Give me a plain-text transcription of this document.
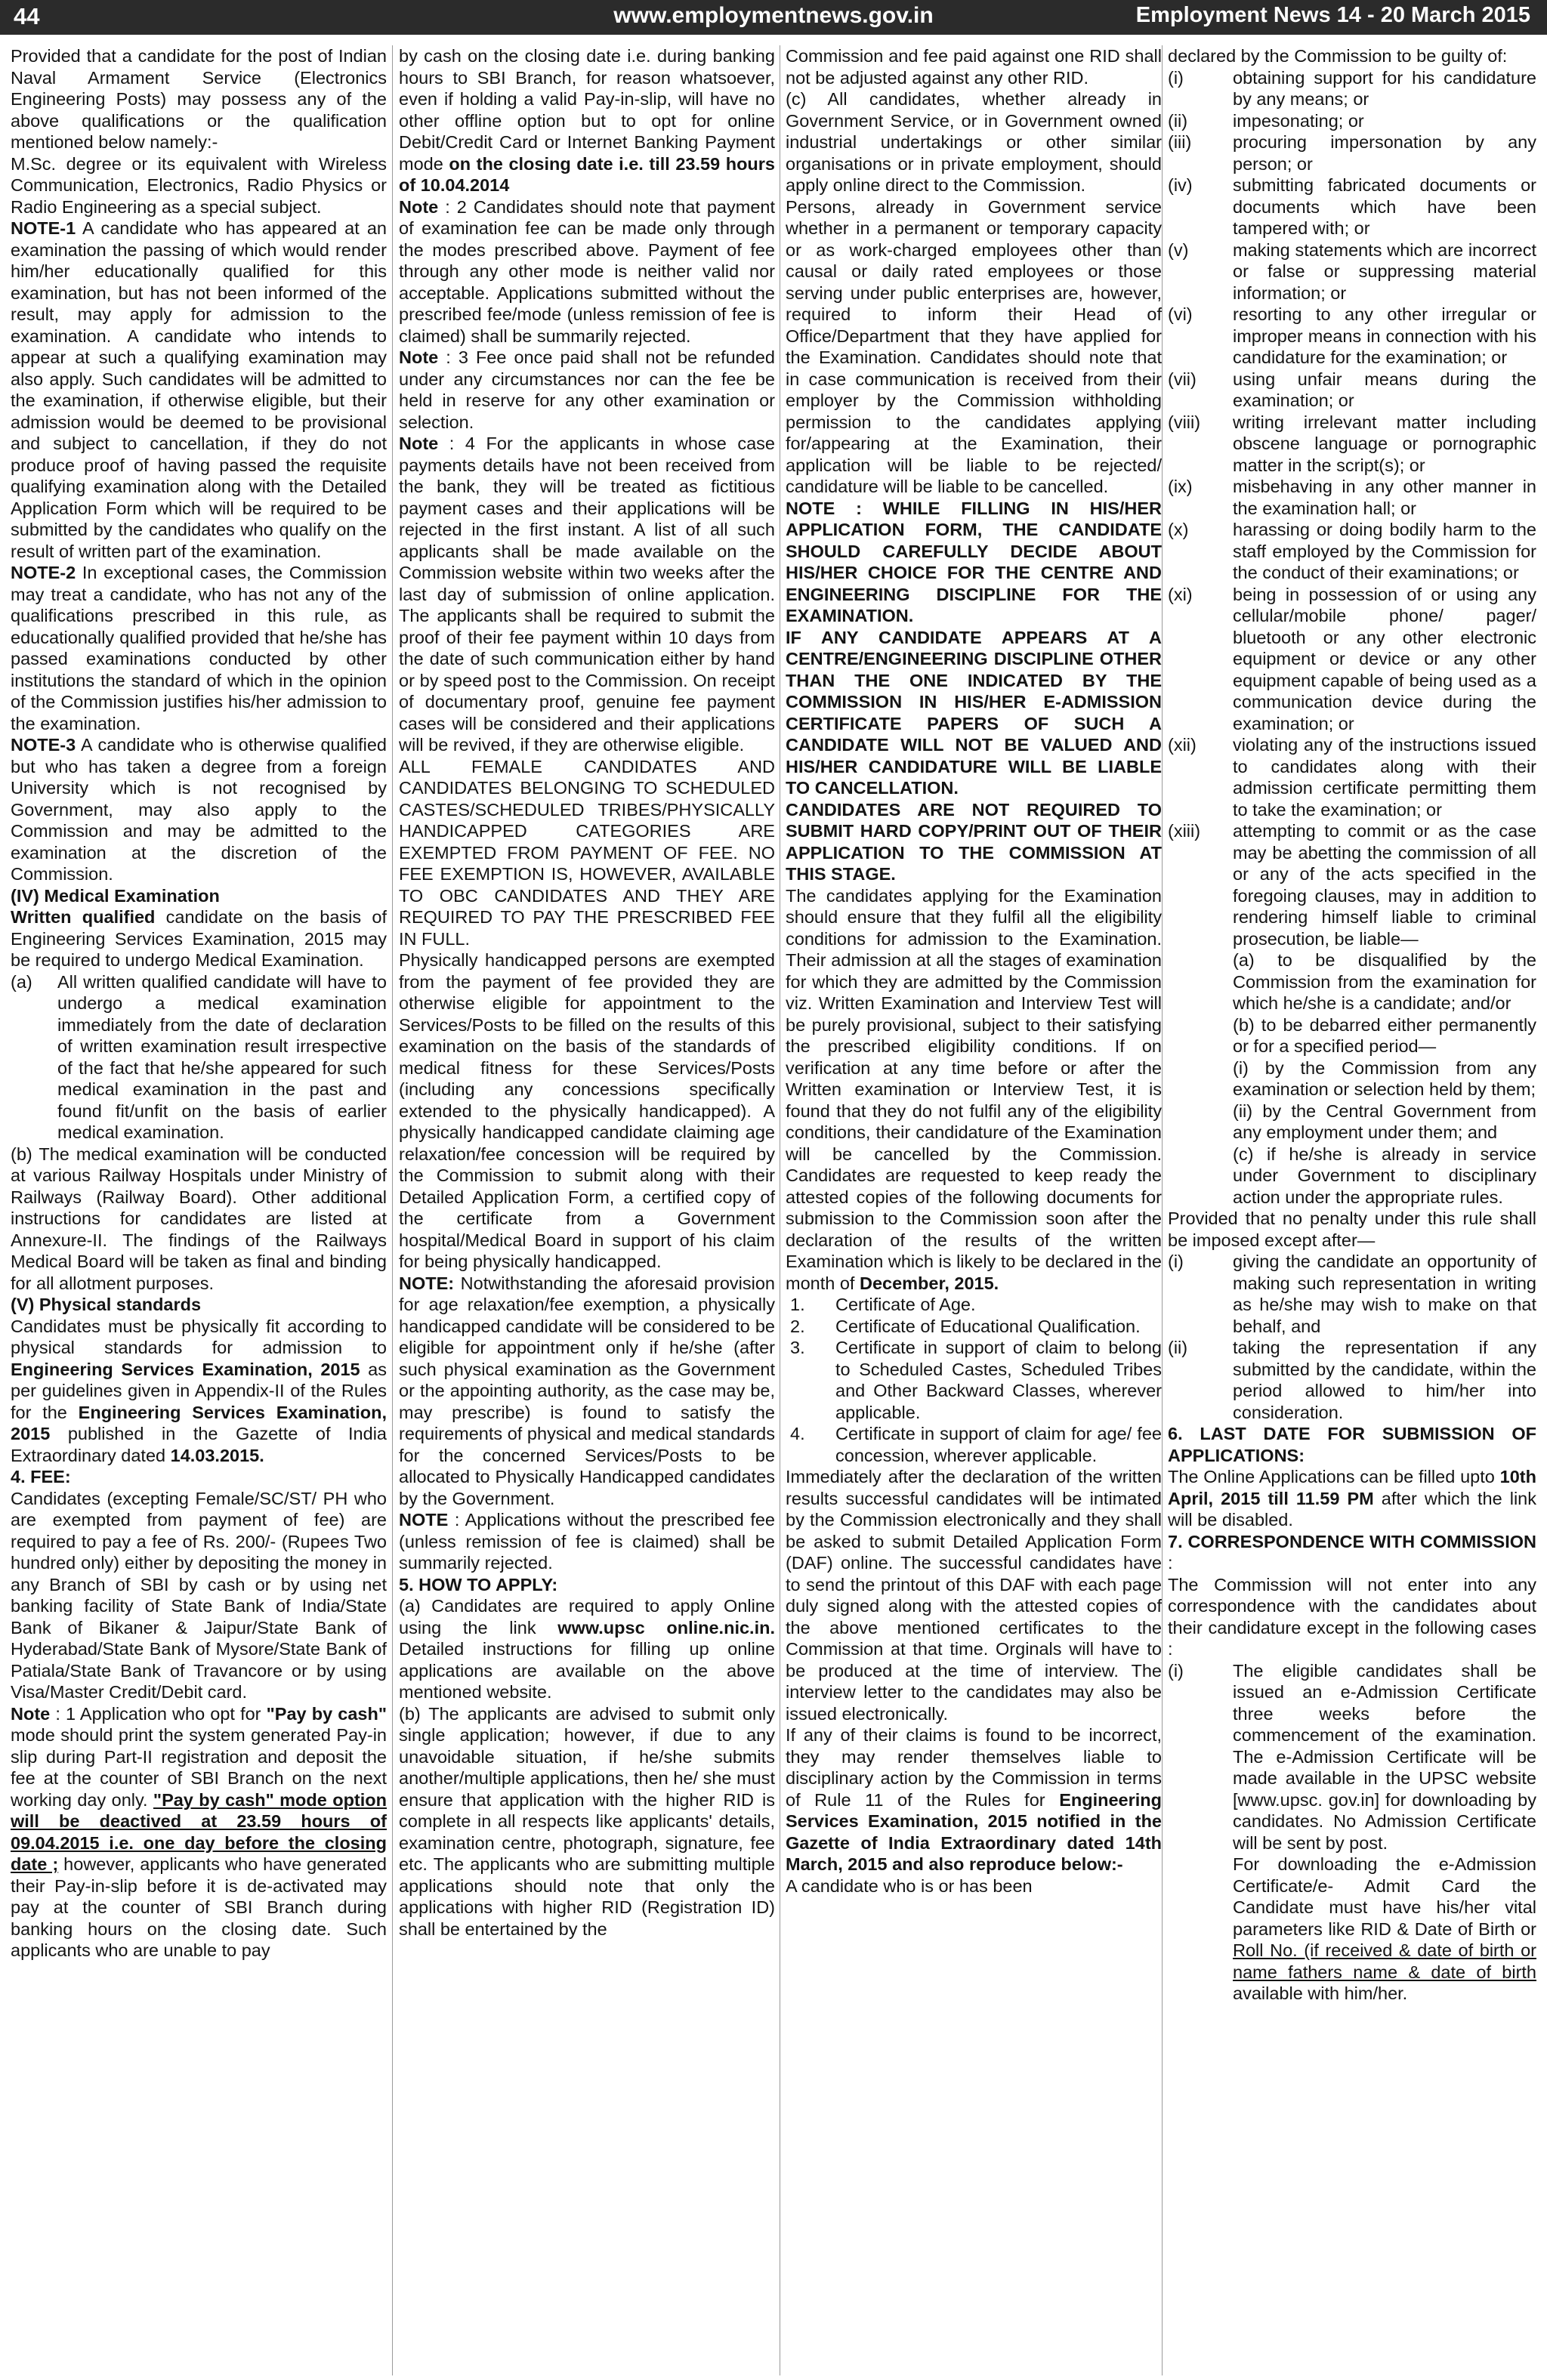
44	www.employmentnews.gov.in	Employment News 14 - 20 March 2015

Provided that a candidate for the post of Indian Naval Armament Service (Electronics Engineering Posts) may possess any of the above qualifications or the qualification mentioned below namely:-

M.Sc. degree or its equivalent with Wireless Communication, Electronics, Radio Physics or Radio Engineering as a special subject.

NOTE-1 A candidate who has appeared at an examination the passing of which would render him/her educationally qualified for this examination, but has not been informed of the result, may apply for admission to the examination. A candidate who intends to appear at such a qualifying examination may also apply. Such candidates will be admitted to the examination, if otherwise eligible, but their admission would be deemed to be provisional and subject to cancellation, if they do not produce proof of having passed the requisite qualifying examination along with the Detailed Application Form which will be required to be submitted by the candidates who qualify on the result of written part of the examination.

NOTE-2 In exceptional cases, the Commission may treat a candidate, who has not any of the qualifications prescribed in this rule, as educationally qualified provided that he/she has passed examinations conducted by other institutions the standard of which in the opinion of the Commission justifies his/her admission to the examination.

NOTE-3 A candidate who is otherwise qualified but who has taken a degree from a foreign University which is not recognised by Government, may also apply to the Commission and may be admitted to the examination at the discretion of the Commission.

(IV) Medical Examination

Written qualified candidate on the basis of Engineering Services Examination, 2015 may be required to undergo Medical Examination.

(a)	All written qualified candidate will have to undergo a medical examination immediately from the date of declaration of written examination result irrespective of the fact that he/she appeared for such medical examination in the past and found fit/unfit on the basis of earlier medical examination.

(b) The medical examination will be conducted at various Railway Hospitals under Ministry of Railways (Railway Board). Other additional instructions for candidates are listed at Annexure-II. The findings of the Railways Medical Board will be taken as final and binding for all allotment purposes.

(V) Physical standards

Candidates must be physically fit according to physical standards for admission to Engineering Services Examination, 2015 as per guidelines given in Appendix-II of the Rules for the Engineering Services Examination, 2015 published in the Gazette of India Extraordinary dated 14.03.2015.

4. FEE:

Candidates (excepting Female/SC/ST/ PH who are exempted from payment of fee) are required to pay a fee of Rs. 200/- (Rupees Two hundred only) either by depositing the money in any Branch of SBI by cash or by using net banking facility of State Bank of India/State Bank of Bikaner & Jaipur/State Bank of Hyderabad/State Bank of Mysore/State Bank of Patiala/State Bank of Travancore or by using Visa/Master Credit/Debit card.

Note : 1 Application who opt for "Pay by cash" mode should print the system generated Pay-in slip during Part-II registration and deposit the fee at the counter of SBI Branch on the next working day only. "Pay by cash" mode option will be deactived at 23.59 hours of 09.04.2015 i.e. one day before the closing date ; however, applicants who have generated their Pay-in-slip before it is de-activated may pay at the counter of SBI Branch during banking hours on the closing date. Such applicants who are unable to pay

by cash on the closing date i.e. during banking hours to SBI Branch, for reason whatsoever, even if holding a valid Pay-in-slip, will have no other offline option but to opt for online Debit/Credit Card or Internet Banking Payment mode on the closing date i.e. till 23.59 hours of 10.04.2014

Note : 2 Candidates should note that payment of examination fee can be made only through the modes prescribed above. Payment of fee through any other mode is neither valid nor acceptable. Applications submitted without the prescribed fee/mode (unless remission of fee is claimed) shall be summarily rejected.

Note : 3 Fee once paid shall not be refunded under any circumstances nor can the fee be held in reserve for any other examination or selection.

Note : 4 For the applicants in whose case payments details have not been received from the bank, they will be treated as fictitious payment cases and their applications will be rejected in the first instant. A list of all such applicants shall be made available on the Commission website within two weeks after the last day of submission of online application. The applicants shall be required to submit the proof of their fee payment within 10 days from the date of such communication either by hand or by speed post to the Commission. On receipt of documentary proof, genuine fee payment cases will be considered and their applications will be revived, if they are otherwise eligible.

ALL FEMALE CANDIDATES AND CANDIDATES BELONGING TO SCHEDULED CASTES/SCHEDULED TRIBES/PHYSICALLY HANDICAPPED CATEGORIES ARE EXEMPTED FROM PAYMENT OF FEE. NO FEE EXEMPTION IS, HOWEVER, AVAILABLE TO OBC CANDIDATES AND THEY ARE REQUIRED TO PAY THE PRESCRIBED FEE IN FULL.

Physically handicapped persons are exempted from the payment of fee provided they are otherwise eligible for appointment to the Services/Posts to be filled on the results of this examination on the basis of the standards of medical fitness for these Services/Posts (including any concessions specifically extended to the physically handicapped). A physically handicapped candidate claiming age relaxation/fee concession will be required by the Commission to submit along with their Detailed Application Form, a certified copy of the certificate from a Government hospital/Medical Board in support of his claim for being physically handicapped.

NOTE: Notwithstanding the aforesaid provision for age relaxation/fee exemption, a physically handicapped candidate will be considered to be eligible for appointment only if he/she (after such physical examination as the Government or the appointing authority, as the case may be, may prescribe) is found to satisfy the requirements of physical and medical standards for the concerned Services/Posts to be allocated to Physically Handicapped candidates by the Government.

NOTE : Applications without the prescribed fee (unless remission of fee is claimed) shall be summarily rejected.

5. HOW TO APPLY:

(a) Candidates are required to apply Online using the link www.upsc online.nic.in. Detailed instructions for filling up online applications are available on the above mentioned website.

(b) The applicants are advised to submit only single application; however, if due to any unavoidable situation, if he/she submits another/multiple applications, then he/ she must ensure that application with the higher RID is complete in all respects like applicants' details, examination centre, photograph, signature, fee etc. The applicants who are submitting multiple applications should note that only the applications with higher RID (Registration ID) shall be entertained by the

Commission and fee paid against one RID shall not be adjusted against any other RID.

(c) All candidates, whether already in Government Service, or in Government owned industrial undertakings or other similar organisations or in private employment, should apply online direct to the Commission.

Persons, already in Government service whether in a permanent or temporary capacity or as work-charged employees other than causal or daily rated employees or those serving under public enterprises are, however, required to inform their Head of Office/Department that they have applied for the Examination. Candidates should note that in case communication is received from their employer by the Commission withholding permission to the candidates applying for/appearing at the Examination, their application will be liable to be rejected/ candidature will be liable to be cancelled.

NOTE : WHILE FILLING IN HIS/HER APPLICATION FORM, THE CANDIDATE SHOULD CAREFULLY DECIDE ABOUT HIS/HER CHOICE FOR THE CENTRE AND ENGINEERING DISCIPLINE FOR THE EXAMINATION.

IF ANY CANDIDATE APPEARS AT A CENTRE/ENGINEERING DISCIPLINE OTHER THAN THE ONE INDICATED BY THE COMMISSION IN HIS/HER E-ADMISSION CERTIFICATE PAPERS OF SUCH A CANDIDATE WILL NOT BE VALUED AND HIS/HER CANDIDATURE WILL BE LIABLE TO CANCELLATION.

CANDIDATES ARE NOT REQUIRED TO SUBMIT HARD COPY/PRINT OUT OF THEIR APPLICATION TO THE COMMISSION AT THIS STAGE.

The candidates applying for the Examination should ensure that they fulfil all the eligibility conditions for admission to the Examination. Their admission at all the stages of examination for which they are admitted by the Commission viz. Written Examination and Interview Test will be purely provisional, subject to their satisfying the prescribed eligibility conditions. If on verification at any time before or after the Written examination or Interview Test, it is found that they do not fulfil any of the eligibility conditions, their candidature of the Examination will be cancelled by the Commission. Candidates are requested to keep ready the attested copies of the following documents for submission to the Commission soon after the declaration of the results of the written Examination which is likely to be declared in the month of December, 2015.

1.	Certificate of Age.
2.	Certificate of Educational Qualification.
3.	Certificate in support of claim to belong to Scheduled Castes, Scheduled Tribes and Other Backward Classes, wherever applicable.
4.	Certificate in support of claim for age/ fee concession, wherever applicable.

Immediately after the declaration of the written results successful candidates will be intimated by the Commission electronically and they shall be asked to submit Detailed Application Form (DAF) online. The successful candidates have to send the printout of this DAF with each page duly signed along with the attested copies of the above mentioned certificates to the Commission at that time. Orginals will have to be produced at the time of interview. The interview letter to the candidates may also be issued electronically.

If any of their claims is found to be incorrect, they may render themselves liable to disciplinary action by the Commission in terms of Rule 11 of the Rules for Engineering Services Examination, 2015 notified in the Gazette of India Extraordinary dated 14th March, 2015 and also reproduce below:-

A candidate who is or has been

declared by the Commission to be guilty of:

(i)	obtaining support for his candidature by any means; or
(ii)	impesonating; or
(iii)	procuring impersonation by any person; or
(iv)	submitting fabricated documents or documents which have been tampered with; or
(v)	making statements which are incorrect or false or suppressing material information; or
(vi)	resorting to any other irregular or improper means in connection with his candidature for the examination; or
(vii)	using unfair means during the examination; or
(viii)	writing irrelevant matter including obscene language or pornographic matter in the script(s); or
(ix)	misbehaving in any other manner in the examination hall; or
(x)	harassing or doing bodily harm to the staff employed by the Commission for the conduct of their examinations; or
(xi)	being in possession of or using any cellular/mobile phone/ pager/ bluetooth or any other electronic equipment or device or any other equipment capable of being used as a communication device during the examination; or
(xii)	violating any of the instructions issued to candidates along with their admission certificate permitting them to take the examination; or
(xiii)	attempting to commit or as the case may be abetting the commission of all or any of the acts specified in the foregoing clauses, may in addition to rendering himself liable to criminal prosecution, be liable—

(a) to be disqualified by the Commission from the examination for which he/she is a candidate; and/or

(b) to be debarred either permanently or for a specified period—

(i) by the Commission from any examination or selection held by them;

(ii) by the Central Government from any employment under them; and

(c) if he/she is already in service under Government to disciplinary action under the appropriate rules.

Provided that no penalty under this rule shall be imposed except after—

(i)	giving the candidate an opportunity of making such representation in writing as he/she may wish to make on that behalf, and
(ii)	taking the representation if any submitted by the candidate, within the period allowed to him/her into consideration.

6. LAST DATE FOR SUBMISSION OF APPLICATIONS:

The Online Applications can be filled upto 10th April, 2015 till 11.59 PM after which the link will be disabled.

7. CORRESPONDENCE WITH COMMISSION :

The Commission will not enter into any correspondence with the candidates about their candidature except in the following cases :

(i)	The eligible candidates shall be issued an e-Admission Certificate three weeks before the commencement of the examination. The e-Admission Certificate will be made available in the UPSC website [www.upsc. gov.in] for downloading by candidates. No Admission Certificate will be sent by post.
For downloading the e-Admission Certificate/e- Admit Card the Candidate must have his/her vital parameters like RID & Date of Birth or Roll No. (if received & date of birth or name fathers name & date of birth available with him/her.
